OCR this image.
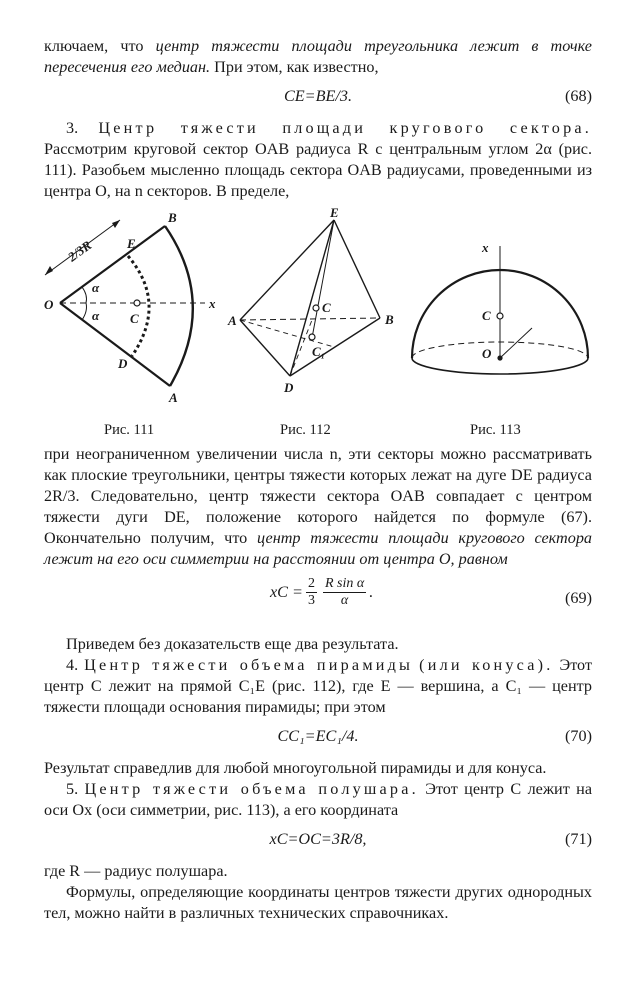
ключаем, что центр тяжести площади треугольника лежит в точке пересечения его медиан. При этом, как известно,

CE=BE/3.	(68)

3. Центр тяжести площади кругового сектора. Рассмотрим круговой сектор OAB радиуса R с центральным углом 2α (рис. 111). Разобьем мысленно площадь сектора OAB радиусами, проведенными из центра O, на n секторов. В пределе,

B
E
O
C
x
D
A
α
α
2/3R
Рис. 111
E
A	B
C
C₁
D
Рис. 112
x
C
O
Рис. 113

при неограниченном увеличении числа n, эти секторы можно рассматривать как плоские треугольники, центры тяжести которых лежат на дуге DE радиуса 2R/3. Следовательно, центр тяжести сектора OAB совпадает с центром тяжести дуги DE, положение которого найдется по формуле (67). Окончательно получим, что центр тяжести площади кругового сектора лежит на его оси симметрии на расстоянии от центра O, равном

xC = $\frac{2}{3} \frac{\text{R sin α}}{\alpha}$ .	(69)

Приведем без доказательств еще два результата.

4. Центр тяжести объема пирамиды (или конуса). Этот центр C лежит на прямой C₁E (рис. 112), где E — вершина, а C₁ — центр тяжести площади основания пирамиды; при этом

CC₁=EC₁/4.	(70)

Результат справедлив для любой многоугольной пирамиды и для конуса.

5. Центр тяжести объема полушара. Этот центр C лежит на оси Ox (оси симметрии, рис. 113), а его координата

xC=OC=3R/8,	(71)

где R — радиус полушара.

Формулы, определяющие координаты центров тяжести других однородных тел, можно найти в различных технических справочниках.
